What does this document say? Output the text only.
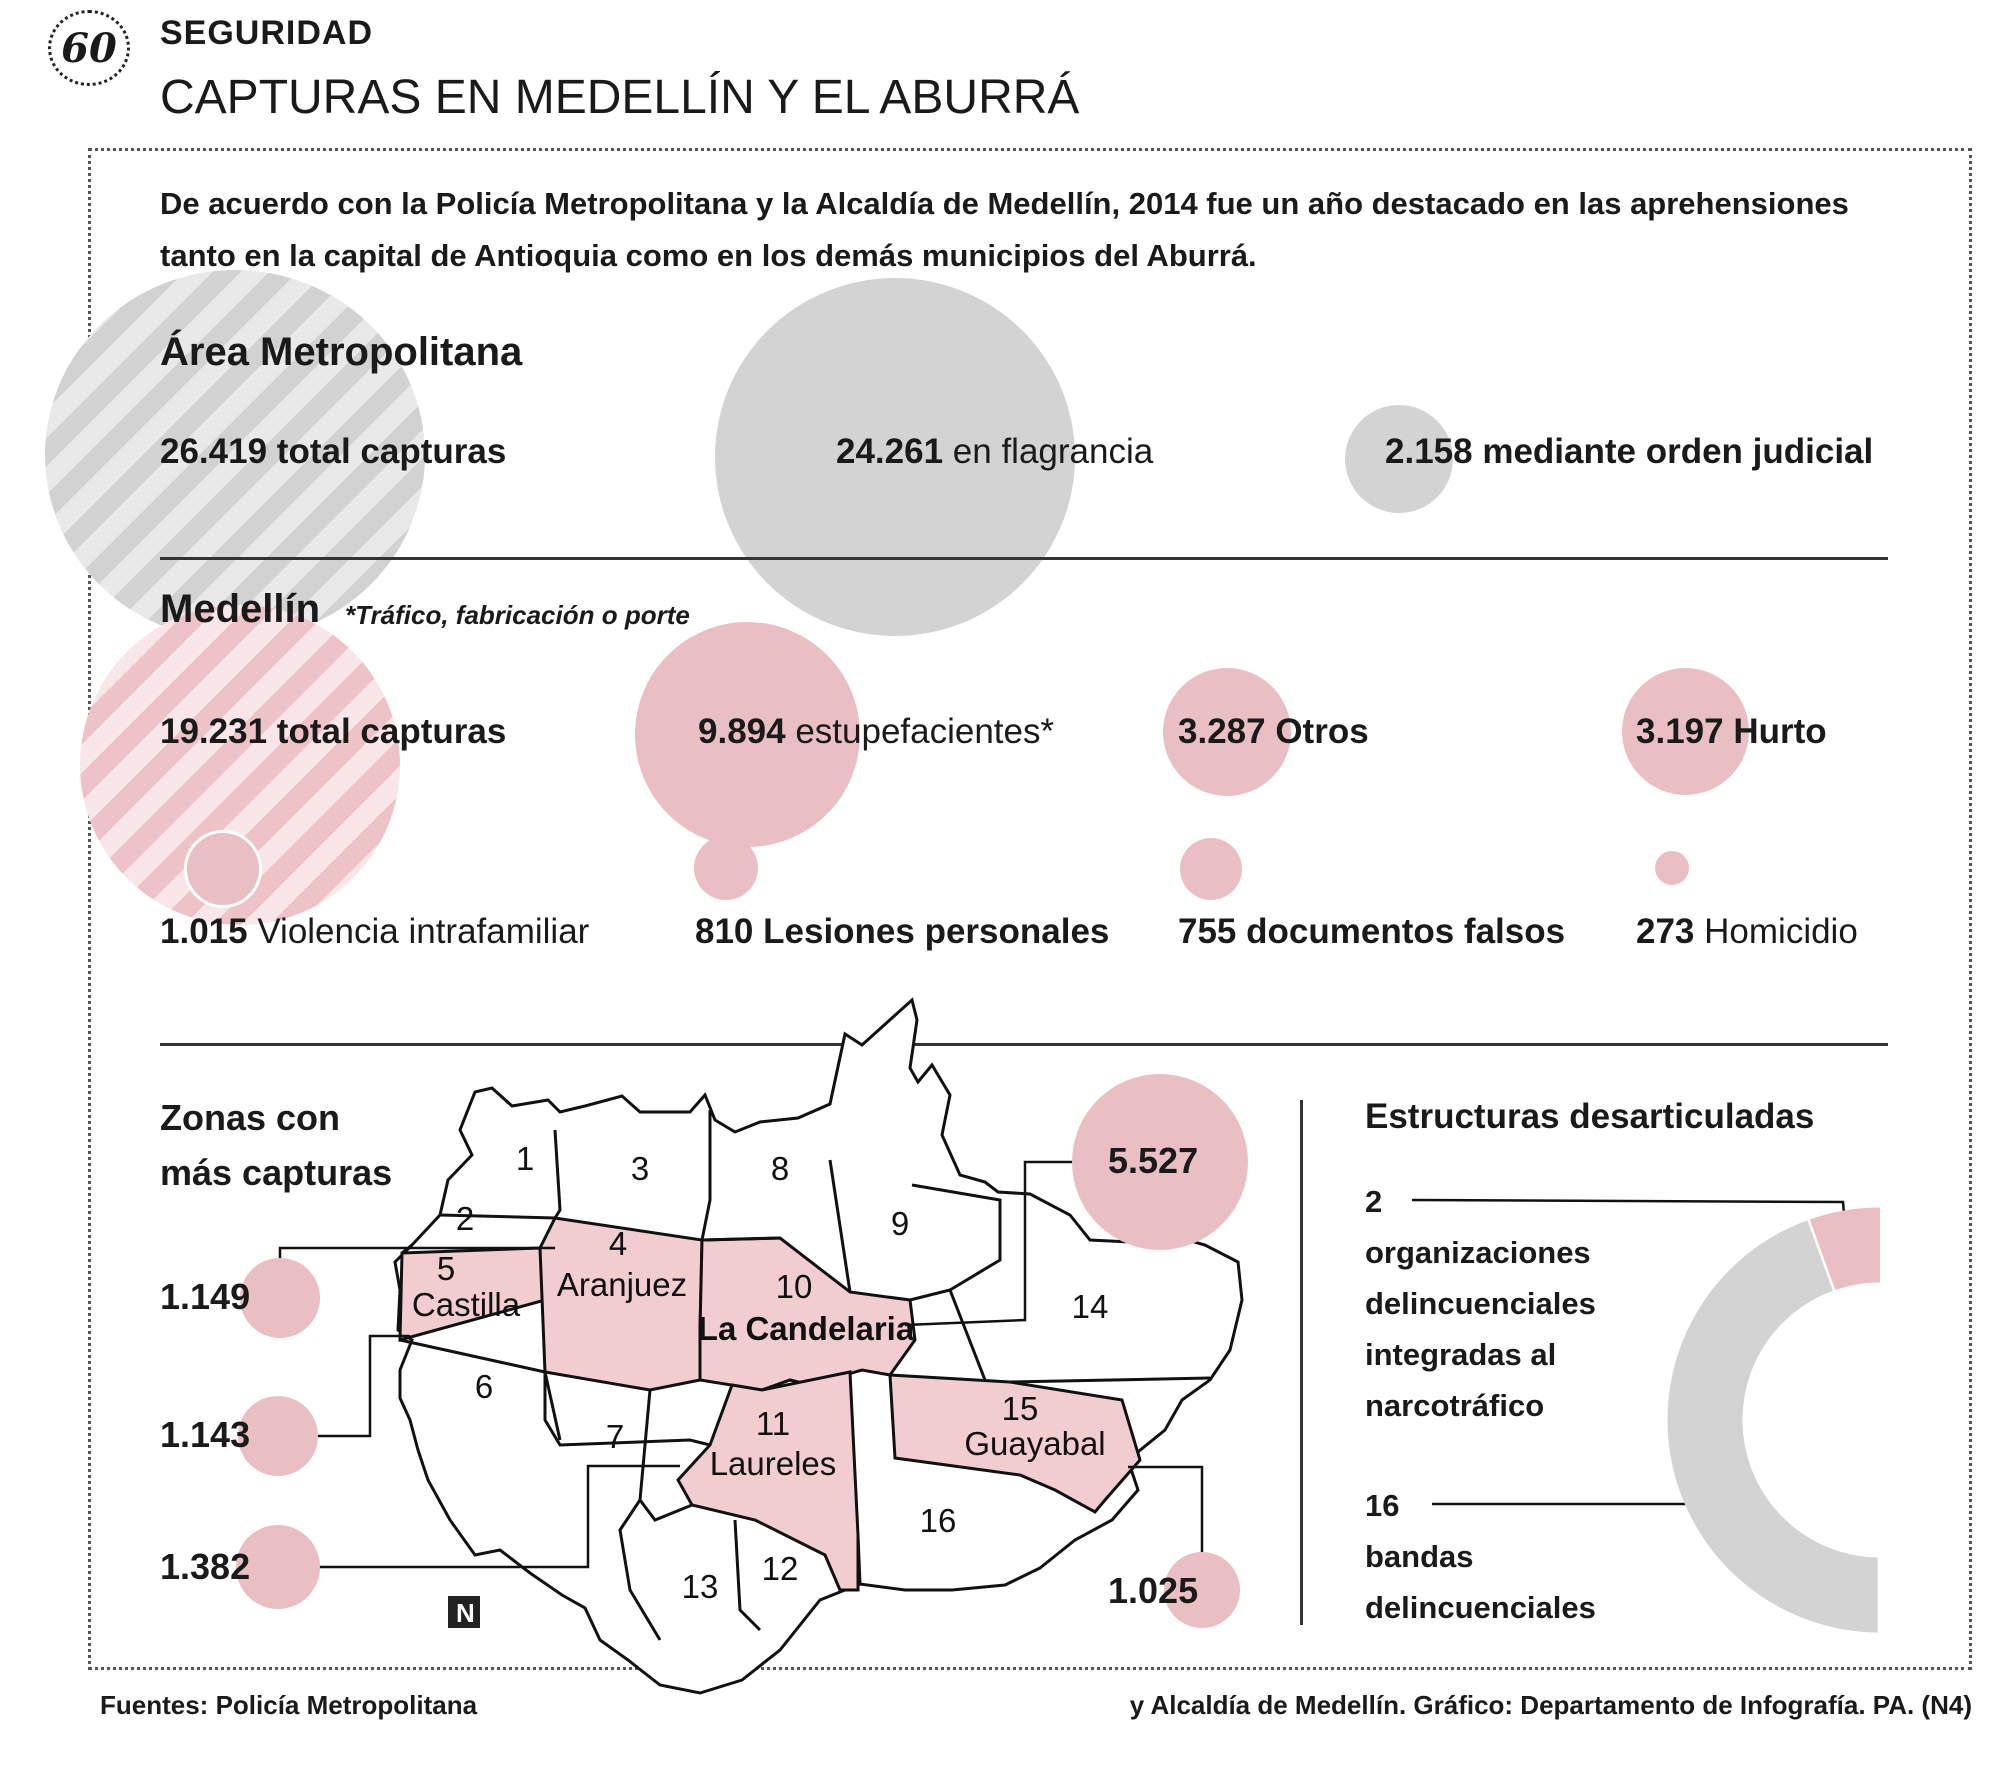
60	SEGURIDAD
CAPTURAS EN MEDELLÍN Y EL ABURRÁ
De acuerdo con la Policía Metropolitana y la Alcaldía de Medellín, 2014 fue un año destacado en las aprehensiones tanto en la capital de Antioquia como en los demás municipios del Aburrá.
Área Metropolitana
26.419 total capturas	24.261 en flagrancia	2.158 mediante orden judicial
Medellín *Tráfico, fabricación o porte
19.231 total capturas	9.894 estupefacientes*	3.287 Otros	3.197 Hurto
1.015 Violencia intrafamiliar	810 Lesiones personales 755 documentos falsos 273 Homicidio
N
1
2
3
4
5
6
7
8
9
10
11
12
13
14
15
16
Castilla
Aranjuez
La Candelaria
Laureles
Guayabal
Zonas con
más capturas	5.527
1.149
1.143
1.382
1.025
Estructuras desarticuladas
2
organizaciones
delincuenciales
integradas al
narcotráfico
16
bandas
delincuenciales
Fuentes: Policía Metropolitana	y Alcaldía de Medellín. Gráfico: Departamento de Infografía. PA. (N4)
